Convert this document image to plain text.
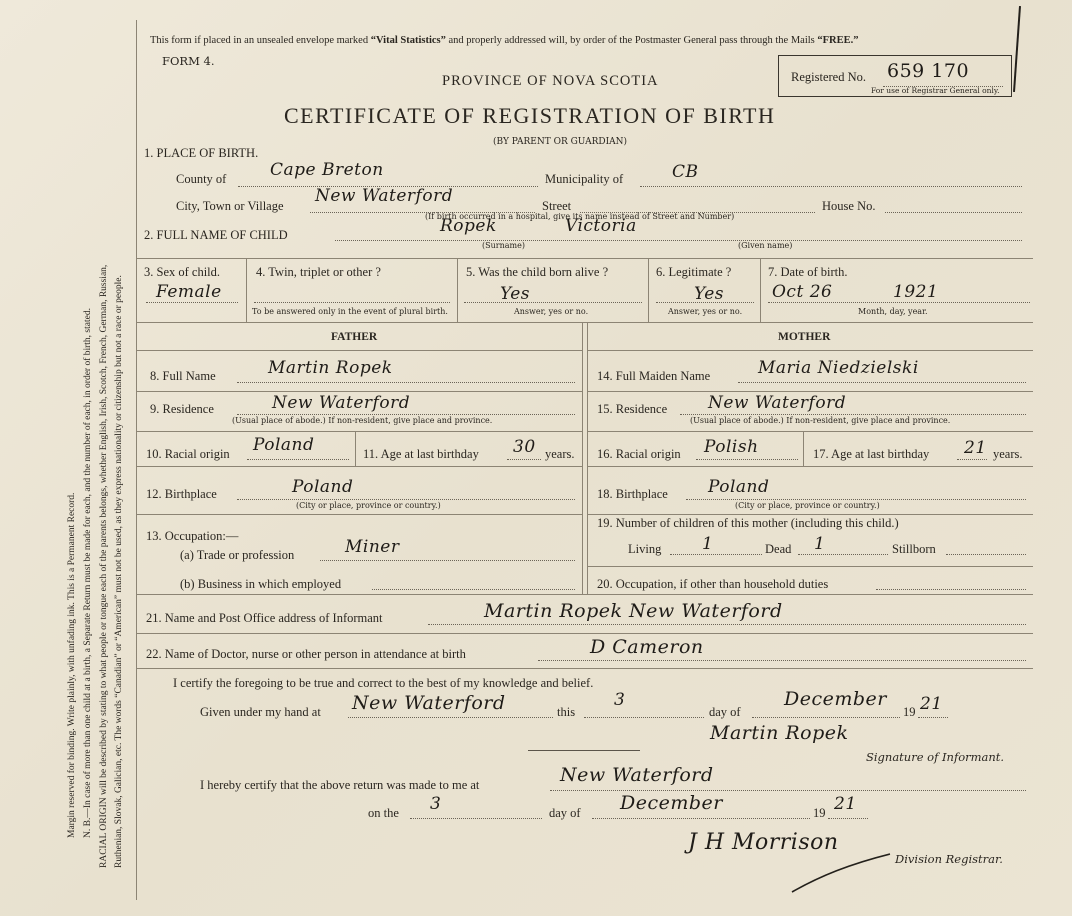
Margin reserved for binding. Write plainly, with unfading ink. This is a Permanent Record. N. B.—In case of more than one child at a birth, a Separate Return must be made for each, and the number of each, in order of birth, stated. RACIAL ORIGIN will be described by stating to what people or tongue each of the parents belongs, whether English, Irish, Scotch, French, German, Russian, Ruthenian, Slovak, Galician, etc. The words “Canadian” or “American” must not be used, as they express nationality or citizenship but not a race or people.
This form if placed in an unsealed envelope marked “Vital Statistics” and properly addressed will, by order of the Postmaster General pass through the Mails “FREE.”
FORM 4.
PROVINCE OF NOVA SCOTIA
CERTIFICATE OF REGISTRATION OF BIRTH
(BY PARENT OR GUARDIAN)
Registered No. 659 170
For use of Registrar General only.
1. PLACE OF BIRTH.
County of	Cape Breton	Municipality of	CB
City, Town or Village New Waterford	Street	House No.
(If birth occurred in a hospital, give its name instead of Street and Number)
2. FULL NAME OF CHILD	Ropek	Victoria
(Surname)	(Given name)
3. Sex of child.
Female
4. Twin, triplet or other ?
To be answered only in the event of plural birth.
5. Was the child born alive ?
Yes
Answer, yes or no.
6. Legitimate ?
Yes
Answer, yes or no.
7. Date of birth.
Oct 26	1921
Month, day, year.
FATHER	MOTHER
8. Full Name	Martin Ropek
9. Residence	New Waterford
(Usual place of abode.) If non-resident, give place and province.
10. Racial origin Poland	11. Age at last birthday 30 years.
12. Birthplace	Poland
(City or place, province or country.)
13. Occupation:—
(a) Trade or profession	Miner
(b) Business in which employed
14. Full Maiden Name	Maria Niedzielski
15. Residence New Waterford
(Usual place of abode.) If non-resident, give place and province.
16. Racial origin Polish	17. Age at last birthday 21 years.
18. Birthplace Poland
(City or place, province or country.)
19. Number of children of this mother (including this child.)
Living 1	Dead 1	Stillborn
20. Occupation, if other than household duties
21. Name and Post Office address of Informant	Martin Ropek New Waterford
22. Name of Doctor, nurse or other person in attendance at birth	D Cameron
I certify the foregoing to be true and correct to the best of my knowledge and belief.
Given under my hand at New Waterford	this
3
day of
December
19 21
Martin Ropek
Signature of Informant.
I hereby certify that the above return was made to me at	New Waterford
on the 3	day of December	19 21
J H Morrison
Division Registrar.
